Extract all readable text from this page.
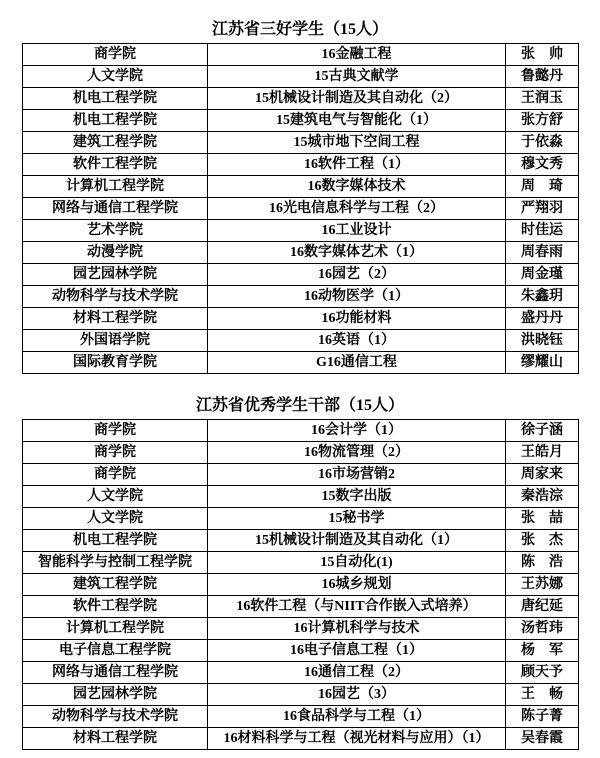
江苏省三好学生（15人）
商学院	16金融工程	张　帅
人文学院	15古典文献学	鲁懿丹
机电工程学院	15机械设计制造及其自动化（2）	王润玉
机电工程学院	15建筑电气与智能化（1）	张方舒
建筑工程学院	15城市地下空间工程	于依淼
软件工程学院	16软件工程（1）	穆文秀
计算机工程学院	16数字媒体技术	周　琦
网络与通信工程学院	16光电信息科学与工程（2）	严翔羽
艺术学院	16工业设计	时佳运
动漫学院	16数字媒体艺术（1）	周春雨
园艺园林学院	16园艺（2）	周金瑾
动物科学与技术学院	16动物医学（1）	朱鑫玥
材料工程学院	16功能材料	盛丹丹
外国语学院	16英语（1）	洪晓钰
国际教育学院	G16通信工程	缪耀山
江苏省优秀学生干部（15人）
商学院	16会计学（1）	徐子涵
商学院	16物流管理（2）	王皓月
商学院	16市场营销2	周家来
人文学院	15数字出版	秦浩淙
人文学院	15秘书学	张　喆
机电工程学院	15机械设计制造及其自动化（1）	张　杰
智能科学与控制工程学院	15自动化(1)	陈　浩
建筑工程学院	16城乡规划	王苏娜
软件工程学院	16软件工程（与NIIT合作嵌入式培养）	唐纪延
计算机工程学院	16计算机科学与技术	汤哲玮
电子信息工程学院	16电子信息工程（1）	杨　军
网络与通信工程学院	16通信工程（2）	顾天予
园艺园林学院	16园艺（3）	王　畅
动物科学与技术学院	16食品科学与工程（1）	陈子菁
材料工程学院	16材料科学与工程（视光材料与应用）（1）	吴春霞
